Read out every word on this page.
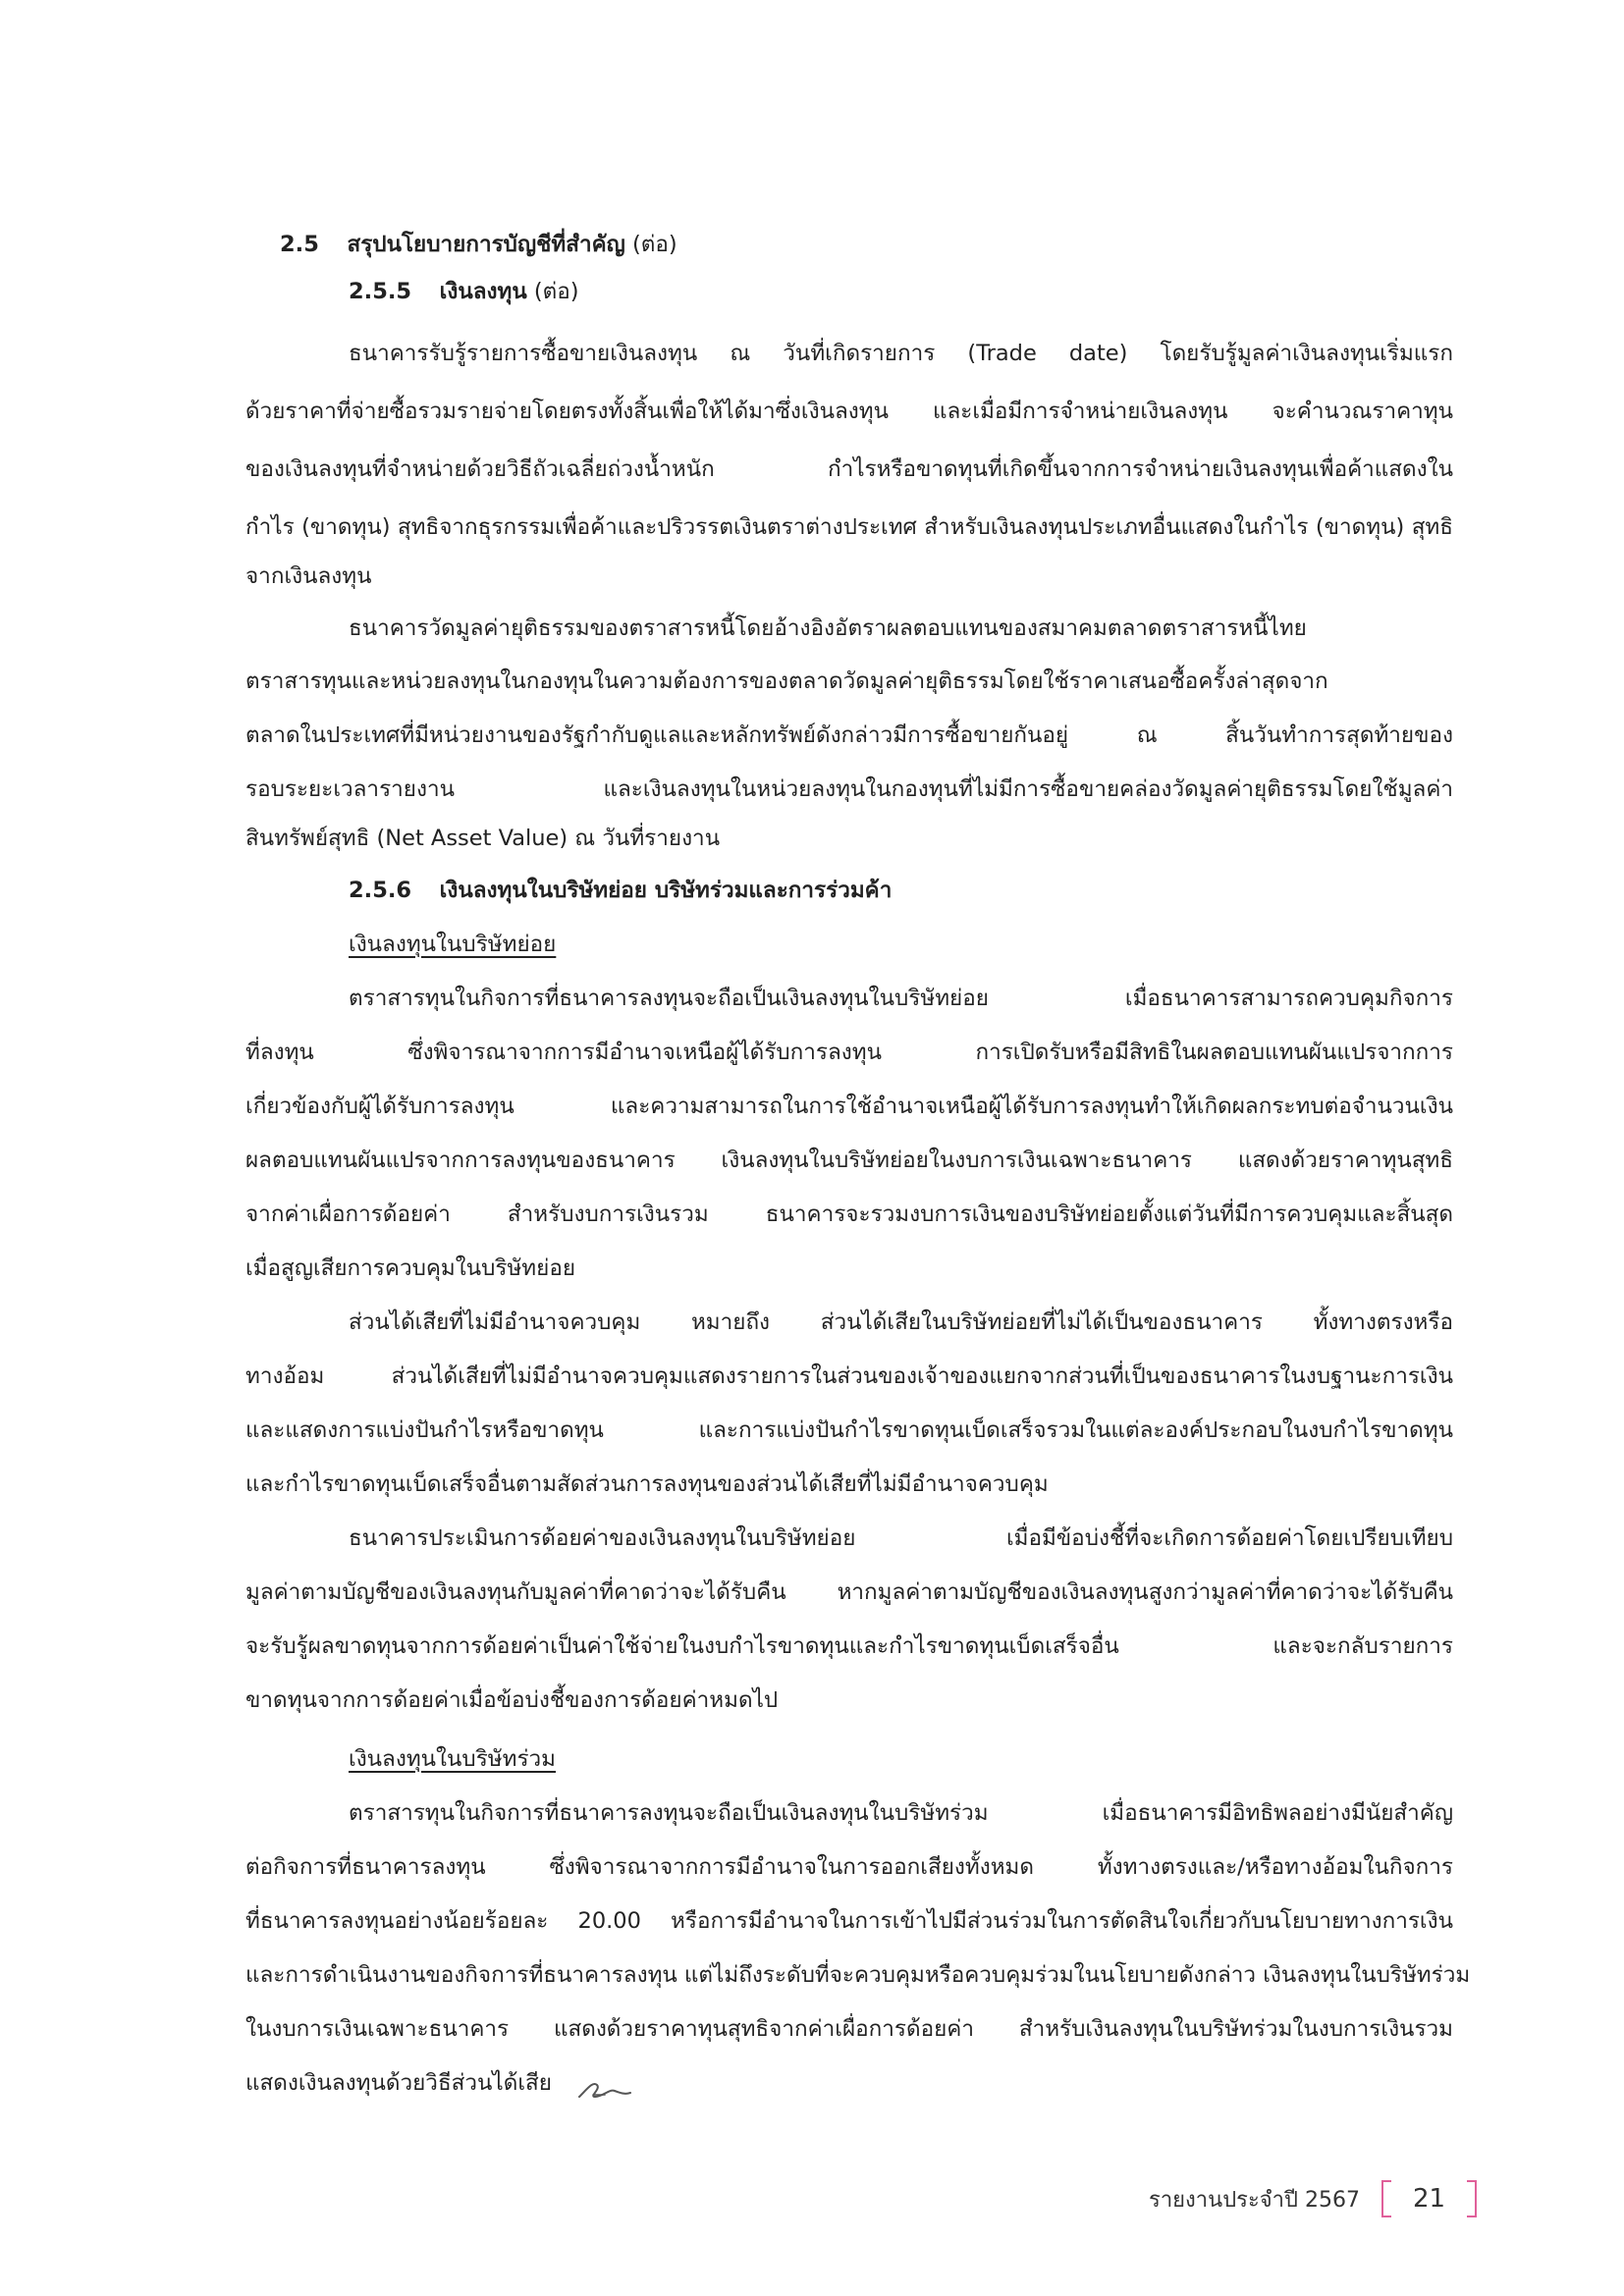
2.5 สรุปนโยบายการบัญชีที่สำคัญ (ต่อ)
2.5.5 เงินลงทุน (ต่อ)
ธนาคารรับรู้รายการซื้อขายเงินลงทุน ณ วันที่เกิดรายการ (Trade date) โดยรับรู้มูลค่าเงินลงทุนเริ่มแรก
ด้วยราคาที่จ่ายซื้อรวมรายจ่ายโดยตรงทั้งสิ้นเพื่อให้ได้มาซึ่งเงินลงทุน และเมื่อมีการจำหน่ายเงินลงทุน จะคำนวณราคาทุน
ของเงินลงทุนที่จำหน่ายด้วยวิธีถัวเฉลี่ยถ่วงน้ำหนัก กำไรหรือขาดทุนที่เกิดขึ้นจากการจำหน่ายเงินลงทุนเพื่อค้าแสดงใน
กำไร (ขาดทุน) สุทธิจากธุรกรรมเพื่อค้าและปริวรรตเงินตราต่างประเทศ สำหรับเงินลงทุนประเภทอื่นแสดงในกำไร (ขาดทุน) สุทธิ
จากเงินลงทุน
ธนาคารวัดมูลค่ายุติธรรมของตราสารหนี้โดยอ้างอิงอัตราผลตอบแทนของสมาคมตลาดตราสารหนี้ไทย
ตราสารทุนและหน่วยลงทุนในกองทุนในความต้องการของตลาดวัดมูลค่ายุติธรรมโดยใช้ราคาเสนอซื้อครั้งล่าสุดจาก
ตลาดในประเทศที่มีหน่วยงานของรัฐกำกับดูแลและหลักทรัพย์ดังกล่าวมีการซื้อขายกันอยู่ ณ สิ้นวันทำการสุดท้ายของ
รอบระยะเวลารายงาน และเงินลงทุนในหน่วยลงทุนในกองทุนที่ไม่มีการซื้อขายคล่องวัดมูลค่ายุติธรรมโดยใช้มูลค่า
สินทรัพย์สุทธิ (Net Asset Value) ณ วันที่รายงาน
2.5.6 เงินลงทุนในบริษัทย่อย บริษัทร่วมและการร่วมค้า
เงินลงทุนในบริษัทย่อย
ตราสารทุนในกิจการที่ธนาคารลงทุนจะถือเป็นเงินลงทุนในบริษัทย่อย เมื่อธนาคารสามารถควบคุมกิจการ
ที่ลงทุน ซึ่งพิจารณาจากการมีอำนาจเหนือผู้ได้รับการลงทุน การเปิดรับหรือมีสิทธิในผลตอบแทนผันแปรจากการ
เกี่ยวข้องกับผู้ได้รับการลงทุน และความสามารถในการใช้อำนาจเหนือผู้ได้รับการลงทุนทำให้เกิดผลกระทบต่อจำนวนเงิน
ผลตอบแทนผันแปรจากการลงทุนของธนาคาร เงินลงทุนในบริษัทย่อยในงบการเงินเฉพาะธนาคาร แสดงด้วยราคาทุนสุทธิ
จากค่าเผื่อการด้อยค่า สำหรับงบการเงินรวม ธนาคารจะรวมงบการเงินของบริษัทย่อยตั้งแต่วันที่มีการควบคุมและสิ้นสุด
เมื่อสูญเสียการควบคุมในบริษัทย่อย
ส่วนได้เสียที่ไม่มีอำนาจควบคุม หมายถึง ส่วนได้เสียในบริษัทย่อยที่ไม่ได้เป็นของธนาคาร ทั้งทางตรงหรือ
ทางอ้อม ส่วนได้เสียที่ไม่มีอำนาจควบคุมแสดงรายการในส่วนของเจ้าของแยกจากส่วนที่เป็นของธนาคารในงบฐานะการเงิน
และแสดงการแบ่งปันกำไรหรือขาดทุน และการแบ่งปันกำไรขาดทุนเบ็ดเสร็จรวมในแต่ละองค์ประกอบในงบกำไรขาดทุน
และกำไรขาดทุนเบ็ดเสร็จอื่นตามสัดส่วนการลงทุนของส่วนได้เสียที่ไม่มีอำนาจควบคุม
ธนาคารประเมินการด้อยค่าของเงินลงทุนในบริษัทย่อย เมื่อมีข้อบ่งชี้ที่จะเกิดการด้อยค่าโดยเปรียบเทียบ
มูลค่าตามบัญชีของเงินลงทุนกับมูลค่าที่คาดว่าจะได้รับคืน หากมูลค่าตามบัญชีของเงินลงทุนสูงกว่ามูลค่าที่คาดว่าจะได้รับคืน
จะรับรู้ผลขาดทุนจากการด้อยค่าเป็นค่าใช้จ่ายในงบกำไรขาดทุนและกำไรขาดทุนเบ็ดเสร็จอื่น และจะกลับรายการ
ขาดทุนจากการด้อยค่าเมื่อข้อบ่งชี้ของการด้อยค่าหมดไป
เงินลงทุนในบริษัทร่วม
ตราสารทุนในกิจการที่ธนาคารลงทุนจะถือเป็นเงินลงทุนในบริษัทร่วม เมื่อธนาคารมีอิทธิพลอย่างมีนัยสำคัญ
ต่อกิจการที่ธนาคารลงทุน ซึ่งพิจารณาจากการมีอำนาจในการออกเสียงทั้งหมด ทั้งทางตรงและ/หรือทางอ้อมในกิจการ
ที่ธนาคารลงทุนอย่างน้อยร้อยละ 20.00 หรือการมีอำนาจในการเข้าไปมีส่วนร่วมในการตัดสินใจเกี่ยวกับนโยบายทางการเงิน
และการดำเนินงานของกิจการที่ธนาคารลงทุน แต่ไม่ถึงระดับที่จะควบคุมหรือควบคุมร่วมในนโยบายดังกล่าว เงินลงทุนในบริษัทร่วม
ในงบการเงินเฉพาะธนาคาร แสดงด้วยราคาทุนสุทธิจากค่าเผื่อการด้อยค่า สำหรับเงินลงทุนในบริษัทร่วมในงบการเงินรวม
แสดงเงินลงทุนด้วยวิธีส่วนได้เสีย
รายงานประจำปี 2567	21
